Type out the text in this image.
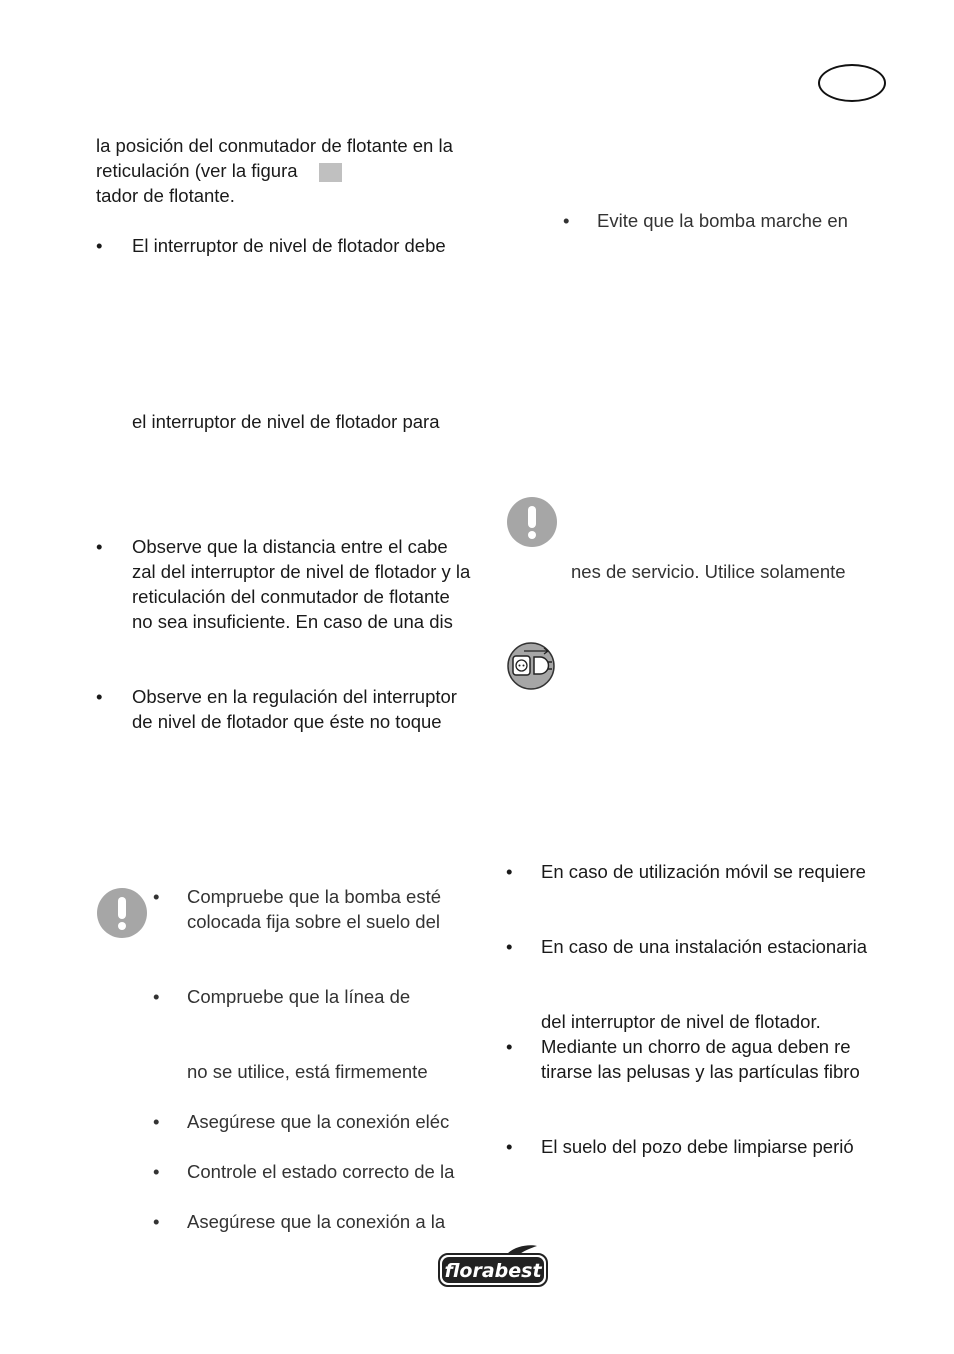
la posición del conmutador de flotante en la
reticulación (ver la figura
tador de flotante.
• El interruptor de nivel de flotador debe
el interruptor de nivel de flotador para
• Observe que la distancia entre el cabe
zal del interruptor de nivel de flotador y la
reticulación del conmutador de flotante
no sea insuficiente. En caso de una dis
• Observe en la regulación del interruptor
de nivel de flotador que éste no toque
• Compruebe que la bomba esté
colocada fija sobre el suelo del
• Compruebe que la línea de
no se utilice, está firmemente
• Asegúrese que la conexión eléc
• Controle el estado correcto de la
• Asegúrese que la conexión a la
• Evite que la bomba marche en
nes de servicio. Utilice solamente
• En caso de utilización móvil se requiere
• En caso de una instalación estacionaria
del interruptor de nivel de flotador.
• Mediante un chorro de agua deben re
tirarse las pelusas y las partículas fibro
• El suelo del pozo debe limpiarse perió
florabest
